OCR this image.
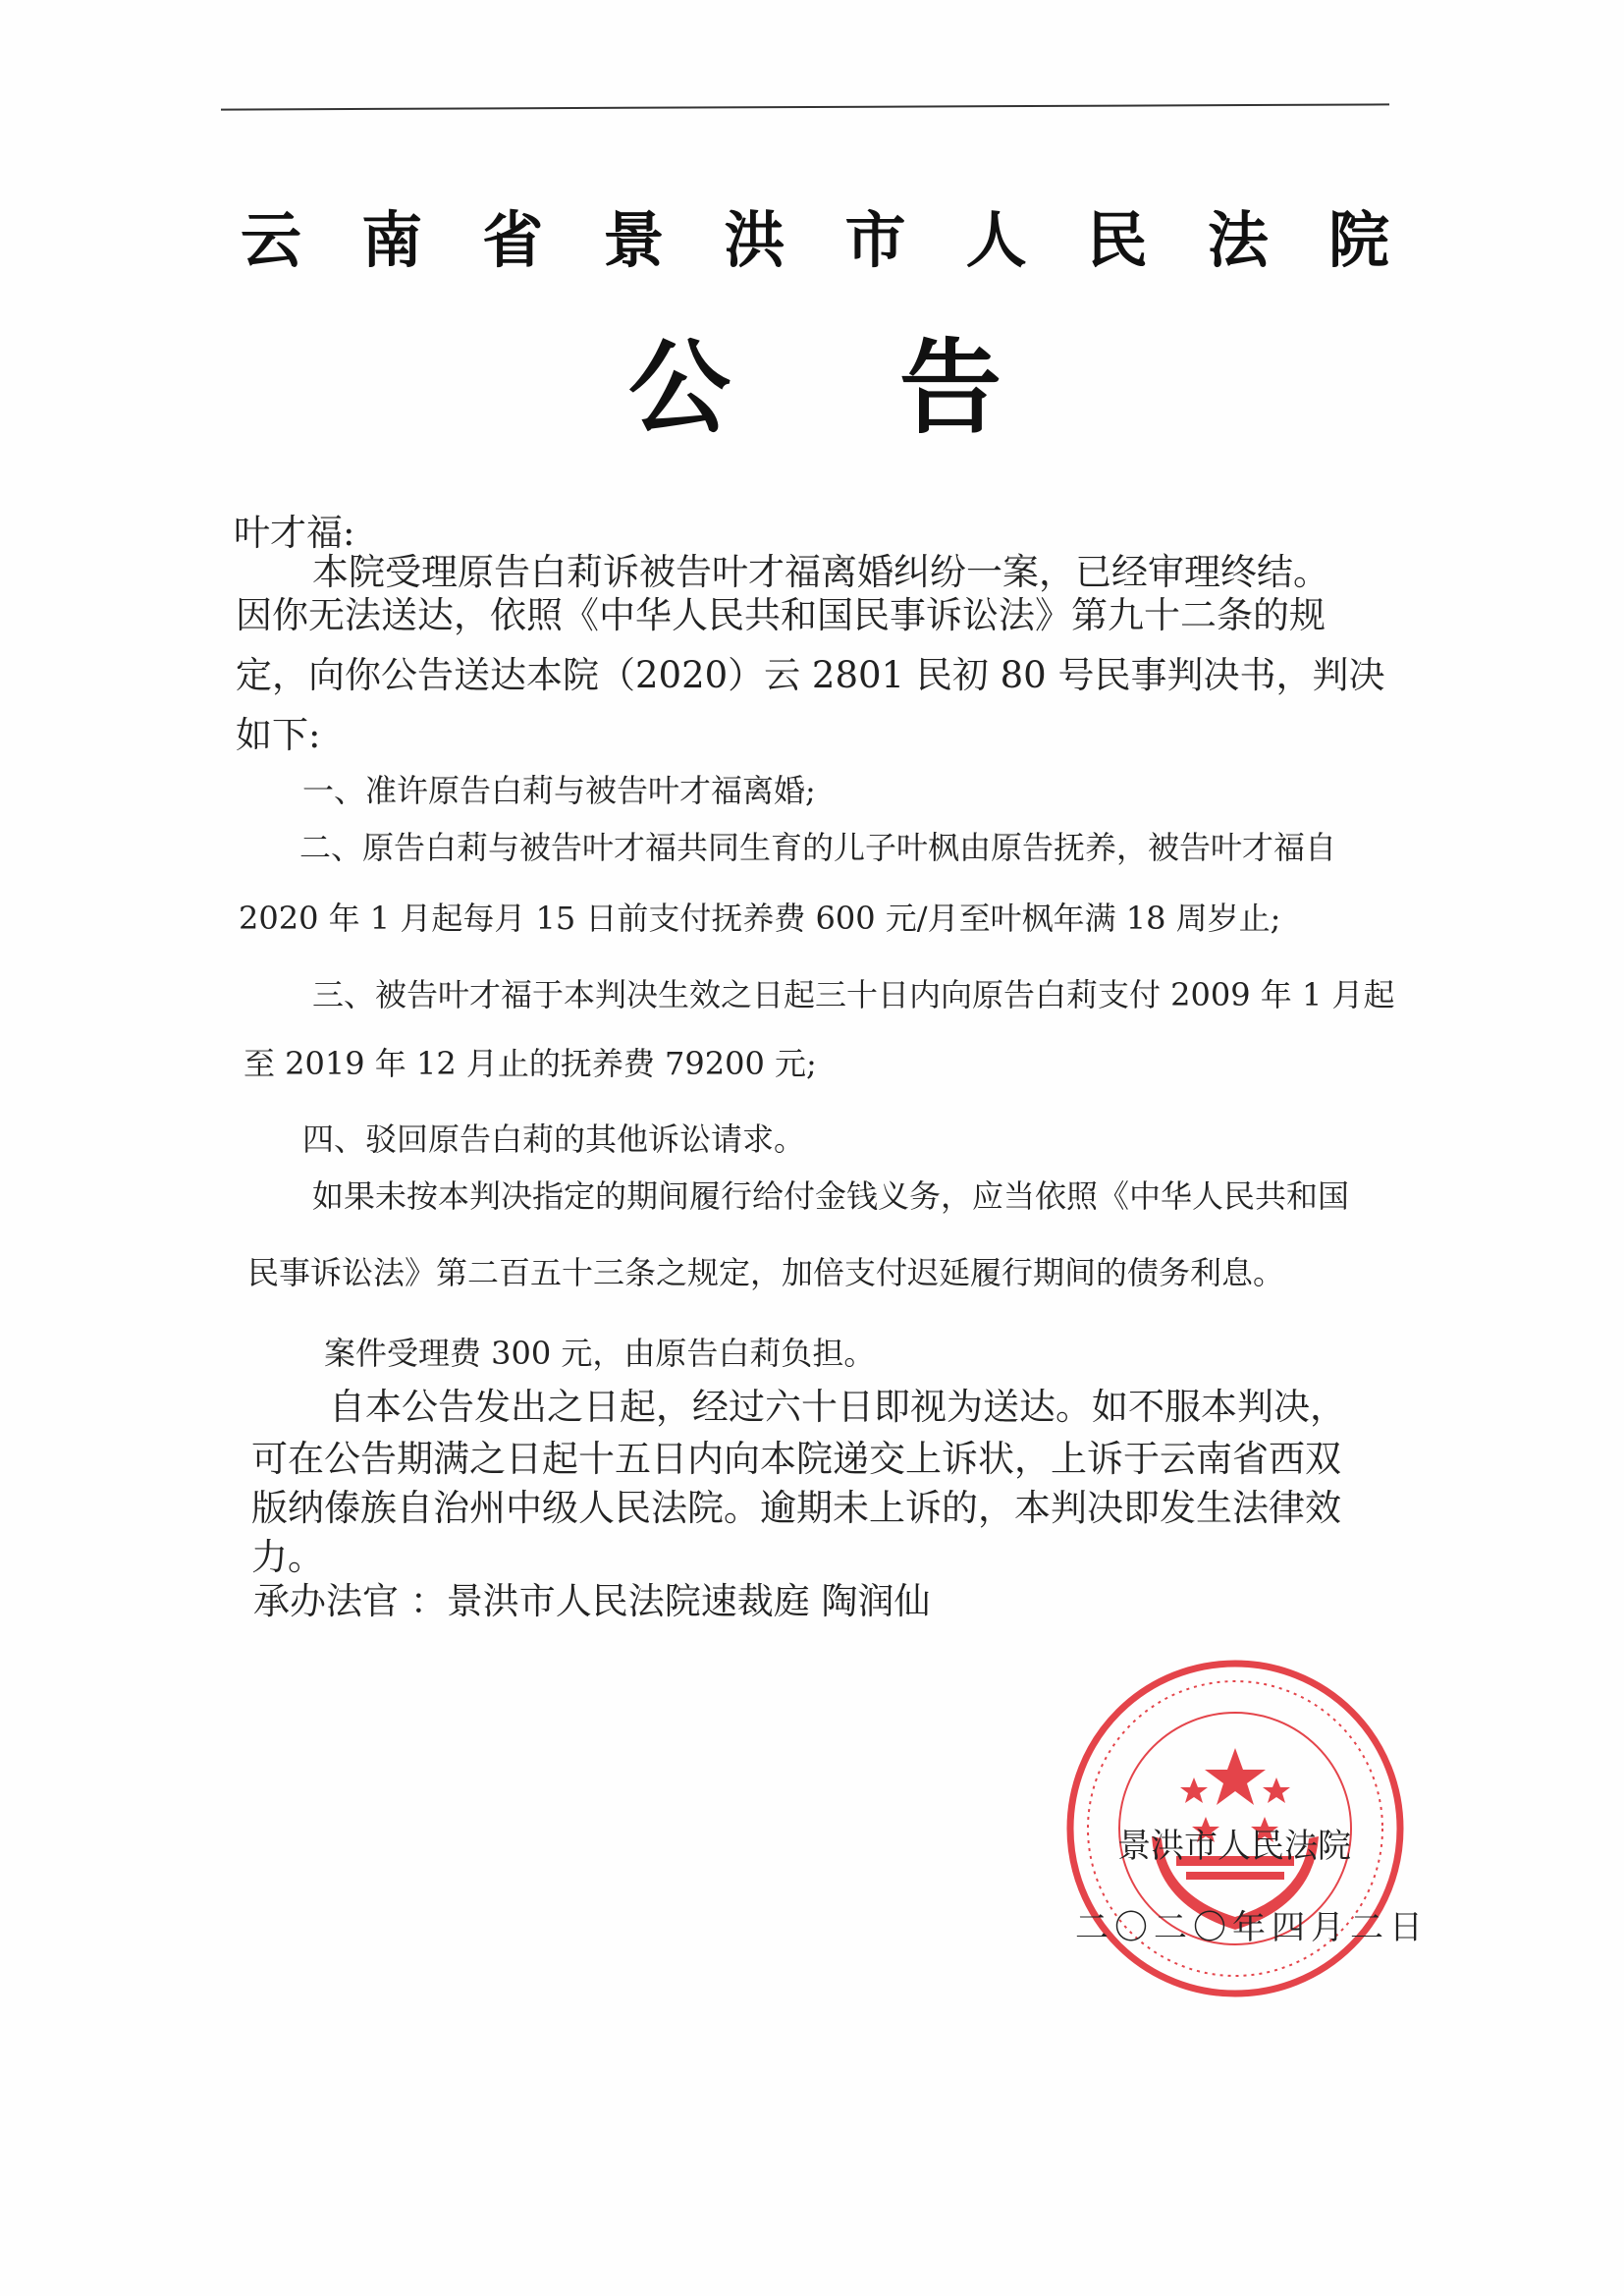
云 南 省 景 洪 市 人 民 法 院
公 告
叶才福:
本院受理原告白莉诉被告叶才福离婚纠纷一案，已经审理终结。
因你无法送达，依照《中华人民共和国民事诉讼法》第九十二条的规
定，向你公告送达本院（2020）云 2801 民初 80 号民事判决书，判决
如下:
一、准许原告白莉与被告叶才福离婚;
二、原告白莉与被告叶才福共同生育的儿子叶枫由原告抚养，被告叶才福自
2020 年 1 月起每月 15 日前支付抚养费 600 元/月至叶枫年满 18 周岁止;
三、被告叶才福于本判决生效之日起三十日内向原告白莉支付 2009 年 1 月起
至 2019 年 12 月止的抚养费 79200 元;
四、驳回原告白莉的其他诉讼请求。
如果未按本判决指定的期间履行给付金钱义务，应当依照《中华人民共和国
民事诉讼法》第二百五十三条之规定，加倍支付迟延履行期间的债务利息。
案件受理费 300 元，由原告白莉负担。
自本公告发出之日起，经过六十日即视为送达。如不服本判决，
可在公告期满之日起十五日内向本院递交上诉状，上诉于云南省西双
版纳傣族自治州中级人民法院。逾期未上诉的，本判决即发生法律效
力。
承办法官 ：景洪市人民法院速裁庭 陶润仙
景洪市人民法院
二〇二〇年四月二日
